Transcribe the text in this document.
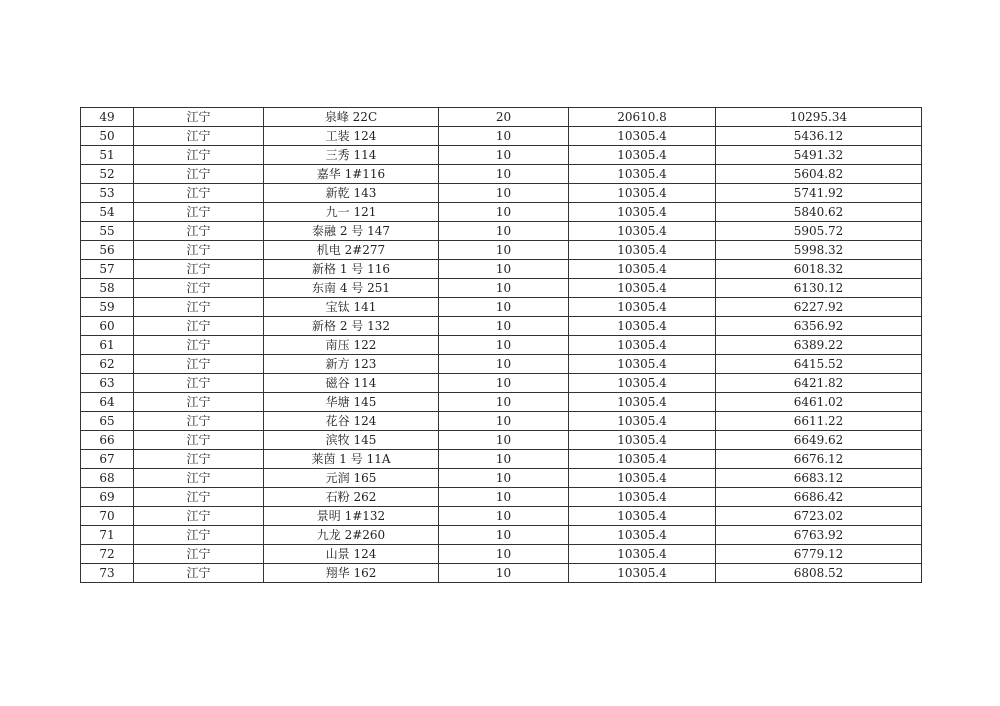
49	江宁	泉峰 22C	20	20610.8	10295.34
50	江宁	工装 124	10	10305.4	5436.12
51	江宁	三秀 114	10	10305.4	5491.32
52	江宁	嘉华 1#116	10	10305.4	5604.82
53	江宁	新乾 143	10	10305.4	5741.92
54	江宁	九一 121	10	10305.4	5840.62
55	江宁	泰融 2 号 147	10	10305.4	5905.72
56	江宁	机电 2#277	10	10305.4	5998.32
57	江宁	新格 1 号 116	10	10305.4	6018.32
58	江宁	东南 4 号 251	10	10305.4	6130.12
59	江宁	宝钛 141	10	10305.4	6227.92
60	江宁	新格 2 号 132	10	10305.4	6356.92
61	江宁	南压 122	10	10305.4	6389.22
62	江宁	新方 123	10	10305.4	6415.52
63	江宁	磁谷 114	10	10305.4	6421.82
64	江宁	华塘 145	10	10305.4	6461.02
65	江宁	花谷 124	10	10305.4	6611.22
66	江宁	滨牧 145	10	10305.4	6649.62
67	江宁	莱茵 1 号 11A	10	10305.4	6676.12
68	江宁	元润 165	10	10305.4	6683.12
69	江宁	石粉 262	10	10305.4	6686.42
70	江宁	景明 1#132	10	10305.4	6723.02
71	江宁	九龙 2#260	10	10305.4	6763.92
72	江宁	山景 124	10	10305.4	6779.12
73	江宁	翔华 162	10	10305.4	6808.52
